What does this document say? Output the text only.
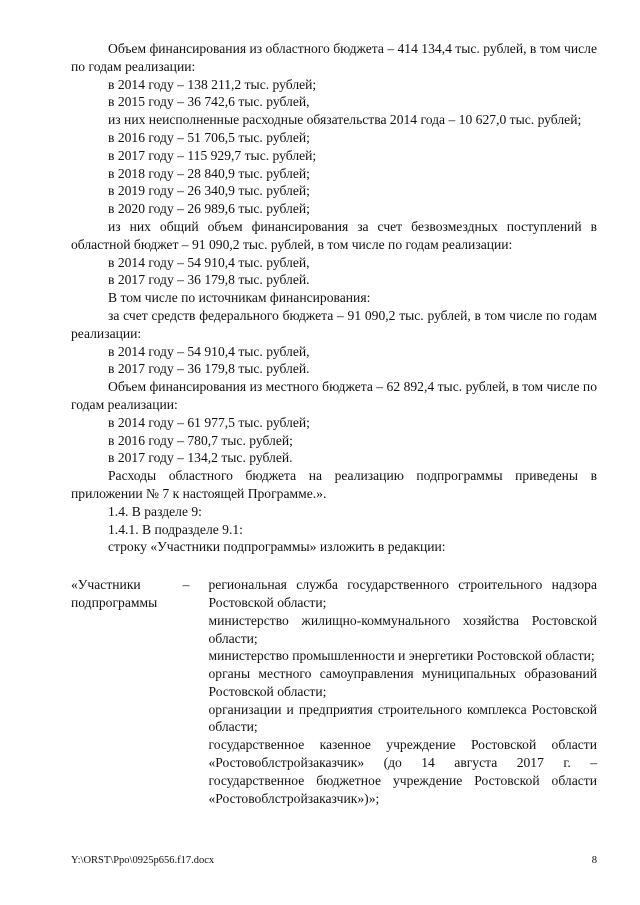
Объем финансирования из областного бюджета – 414 134,4 тыс. рублей, в том числе по годам реализации:

в 2014 году – 138 211,2 тыс. рублей;

в 2015 году – 36 742,6 тыс. рублей,

из них неисполненные расходные обязательства 2014 года – 10 627,0 тыс. рублей;

в 2016 году – 51 706,5 тыс. рублей;

в 2017 году – 115 929,7 тыс. рублей;

в 2018 году – 28 840,9 тыс. рублей;

в 2019 году – 26 340,9 тыс. рублей;

в 2020 году – 26 989,6 тыс. рублей;

из них общий объем финансирования за счет безвозмездных поступлений в областной бюджет – 91 090,2 тыс. рублей, в том числе по годам реализации:

в 2014 году – 54 910,4 тыс. рублей,

в 2017 году – 36 179,8 тыс. рублей.

В том числе по источникам финансирования:

за счет средств федерального бюджета – 91 090,2 тыс. рублей, в том числе по годам реализации:

в 2014 году – 54 910,4 тыс. рублей,

в 2017 году – 36 179,8 тыс. рублей.

Объем финансирования из местного бюджета – 62 892,4 тыс. рублей, в том числе по годам реализации:

в 2014 году – 61 977,5 тыс. рублей;

в 2016 году – 780,7 тыс. рублей;

в 2017 году – 134,2 тыс. рублей.

Расходы областного бюджета на реализацию подпрограммы приведены в приложении № 7 к настоящей Программе.».

1.4. В разделе 9:

1.4.1. В подразделе 9.1:

строку «Участники подпрограммы» изложить в редакции:

«Участники подпрограммы
–	региональная служба государственного строительного надзора Ростовской области;

министерство жилищно-коммунального хозяйства Ростовской области;

министерство промышленности и энергетики Ростовской области;

органы местного самоуправления муниципальных образований Ростовской области;

организации и предприятия строительного комплекса Ростовской области;

государственное казенное учреждение Ростовской области «Ростовоблстройзаказчик» (до 14 августа 2017 г. – государственное бюджетное учреждение Ростовской области «Ростовоблстройзаказчик»)»;

Y:\ORST\Ppo\0925p656.f17.docx	8
